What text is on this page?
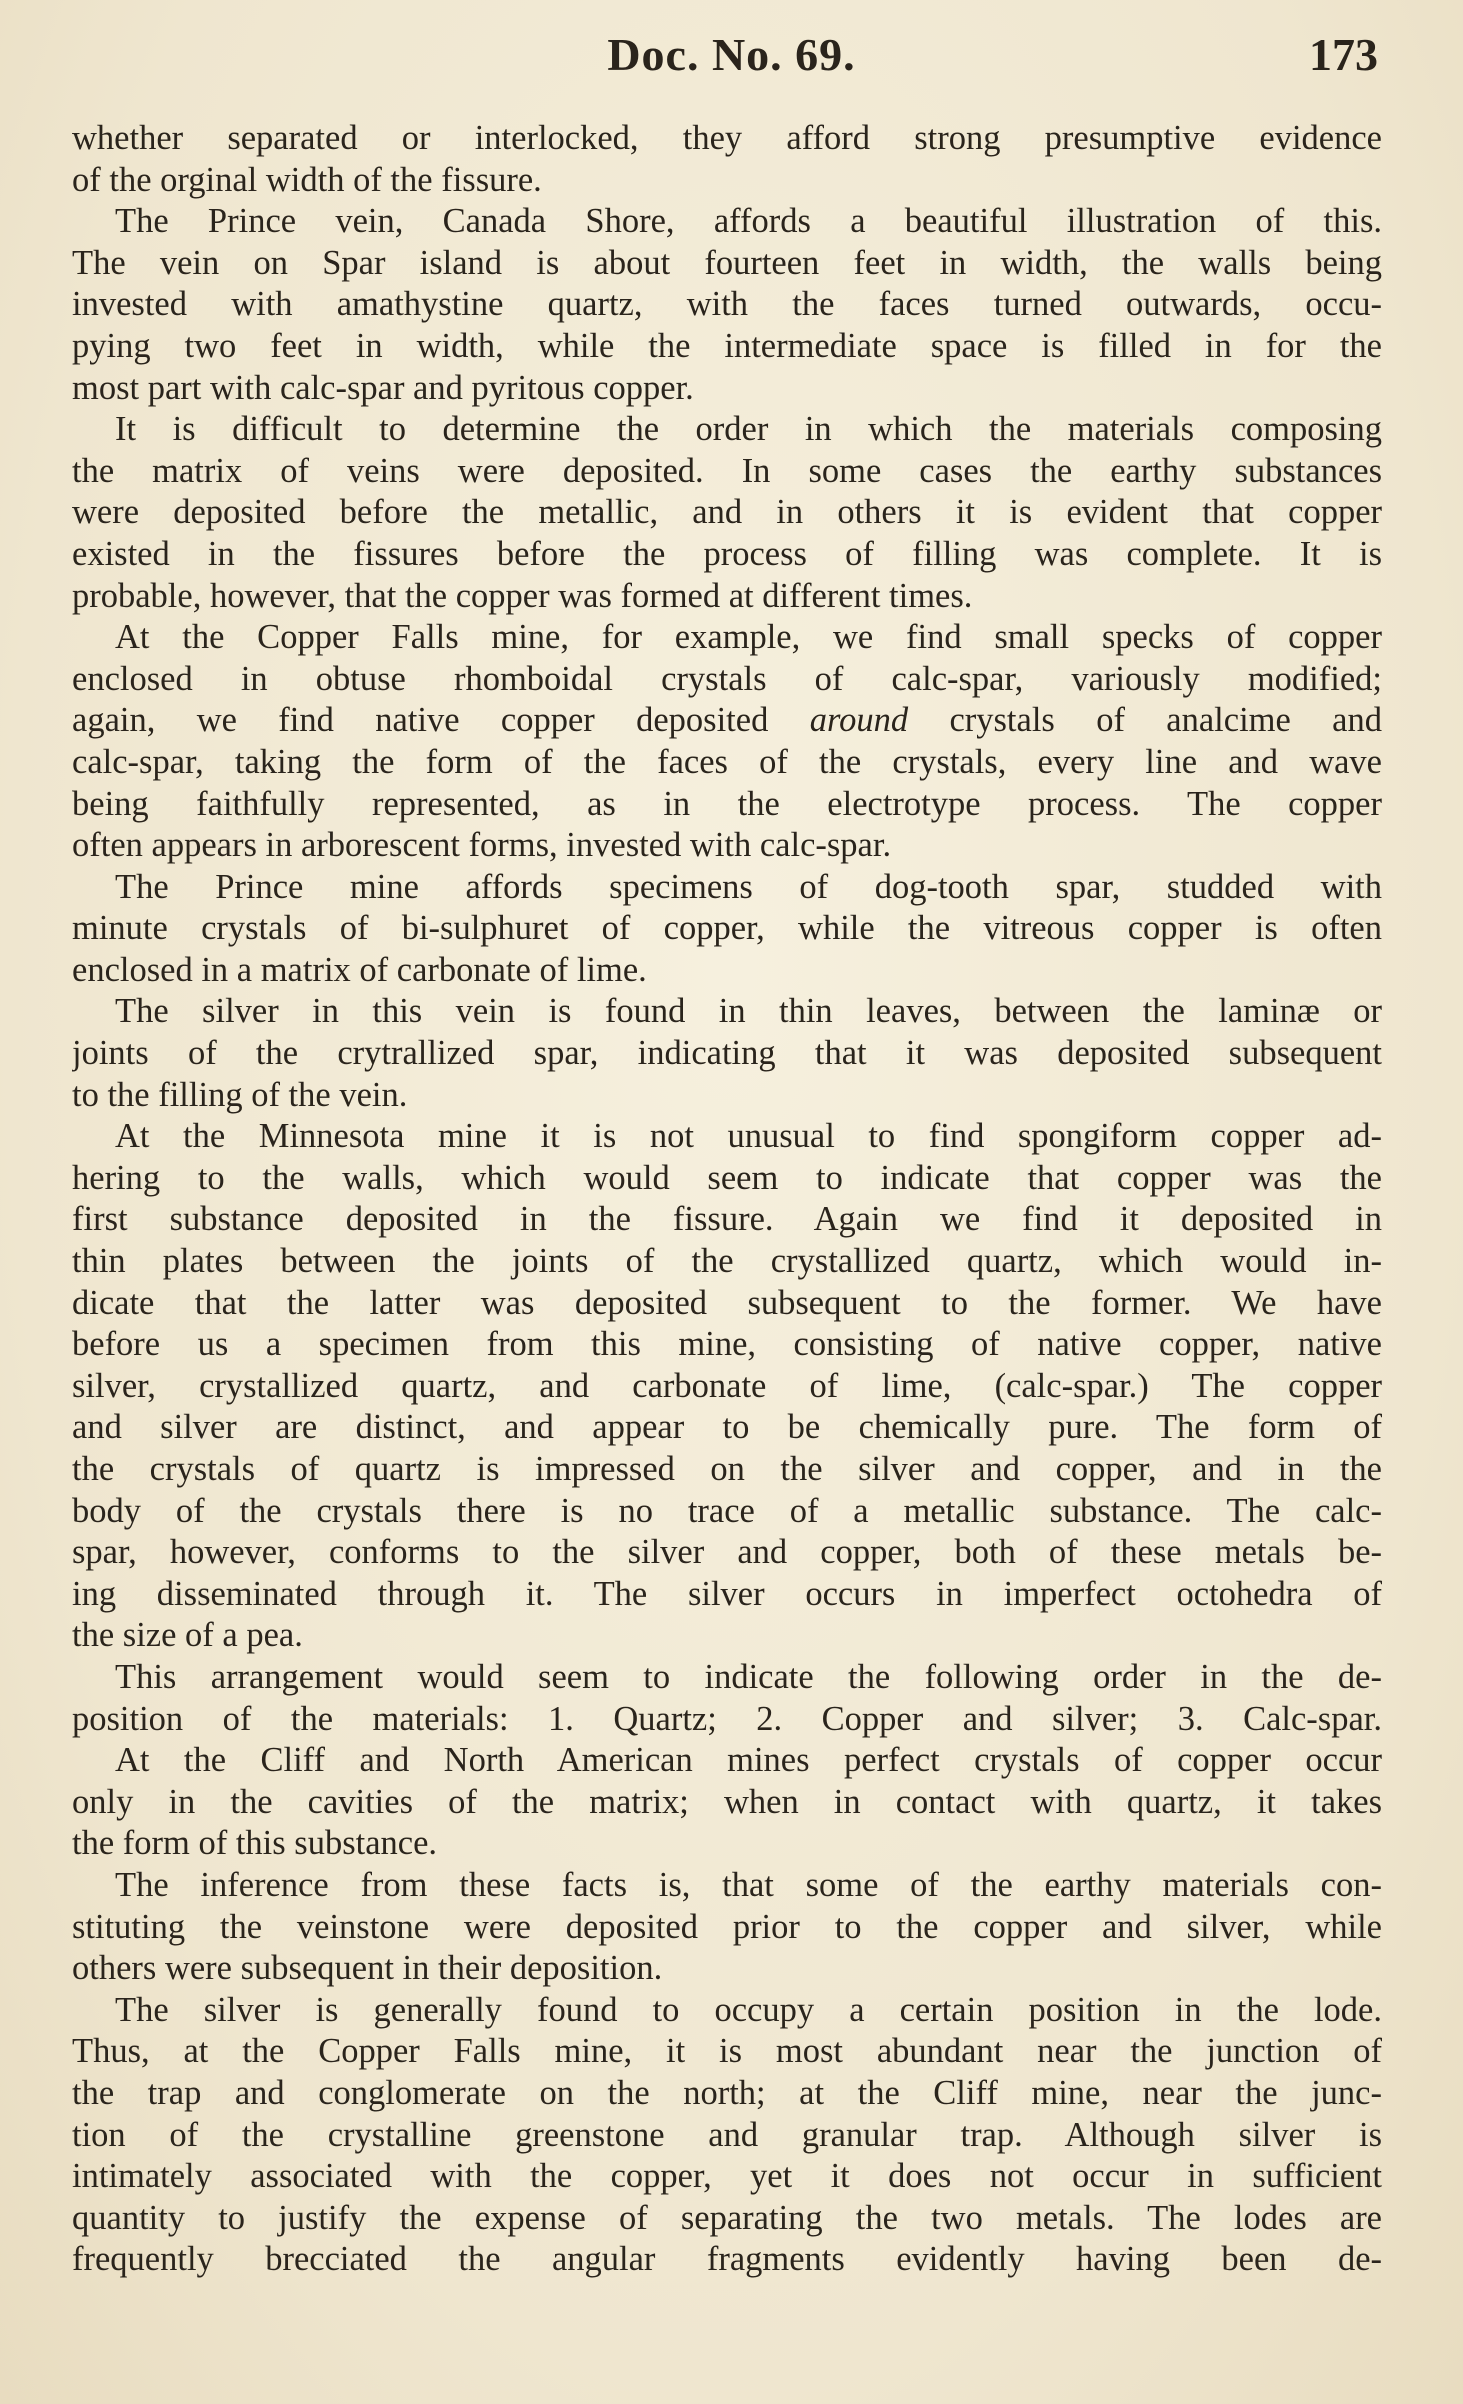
Doc. No. 69.	173
whether separated or interlocked, they afford strong presumptive evidence
of the orginal width of the fissure.
The Prince vein, Canada Shore, affords a beautiful illustration of this.
The vein on Spar island is about fourteen feet in width, the walls being
invested with amathystine quartz, with the faces turned outwards, occu-
pying two feet in width, while the intermediate space is filled in for the
most part with calc-spar and pyritous copper.
It is difficult to determine the order in which the materials composing
the matrix of veins were deposited. In some cases the earthy substances
were deposited before the metallic, and in others it is evident that copper
existed in the fissures before the process of filling was complete. It is
probable, however, that the copper was formed at different times.
At the Copper Falls mine, for example, we find small specks of copper
enclosed in obtuse rhomboidal crystals of calc-spar, variously modified;
again, we find native copper deposited around crystals of analcime and
calc-spar, taking the form of the faces of the crystals, every line and wave
being faithfully represented, as in the electrotype process. The copper
often appears in arborescent forms, invested with calc-spar.
The Prince mine affords specimens of dog-tooth spar, studded with
minute crystals of bi-sulphuret of copper, while the vitreous copper is often
enclosed in a matrix of carbonate of lime.
The silver in this vein is found in thin leaves, between the laminæ or
joints of the crytrallized spar, indicating that it was deposited subsequent
to the filling of the vein.
At the Minnesota mine it is not unusual to find spongiform copper ad-
hering to the walls, which would seem to indicate that copper was the
first substance deposited in the fissure. Again we find it deposited in
thin plates between the joints of the crystallized quartz, which would in-
dicate that the latter was deposited subsequent to the former. We have
before us a specimen from this mine, consisting of native copper, native
silver, crystallized quartz, and carbonate of lime, (calc-spar.) The copper
and silver are distinct, and appear to be chemically pure. The form of
the crystals of quartz is impressed on the silver and copper, and in the
body of the crystals there is no trace of a metallic substance. The calc-
spar, however, conforms to the silver and copper, both of these metals be-
ing disseminated through it. The silver occurs in imperfect octohedra of
the size of a pea.
This arrangement would seem to indicate the following order in the de-
position of the materials: 1. Quartz; 2. Copper and silver; 3. Calc-spar.
At the Cliff and North American mines perfect crystals of copper occur
only in the cavities of the matrix; when in contact with quartz, it takes
the form of this substance.
The inference from these facts is, that some of the earthy materials con-
stituting the veinstone were deposited prior to the copper and silver, while
others were subsequent in their deposition.
The silver is generally found to occupy a certain position in the lode.
Thus, at the Copper Falls mine, it is most abundant near the junction of
the trap and conglomerate on the north; at the Cliff mine, near the junc-
tion of the crystalline greenstone and granular trap. Although silver is
intimately associated with the copper, yet it does not occur in sufficient
quantity to justify the expense of separating the two metals. The lodes are
frequently brecciated the angular fragments evidently having been de-
